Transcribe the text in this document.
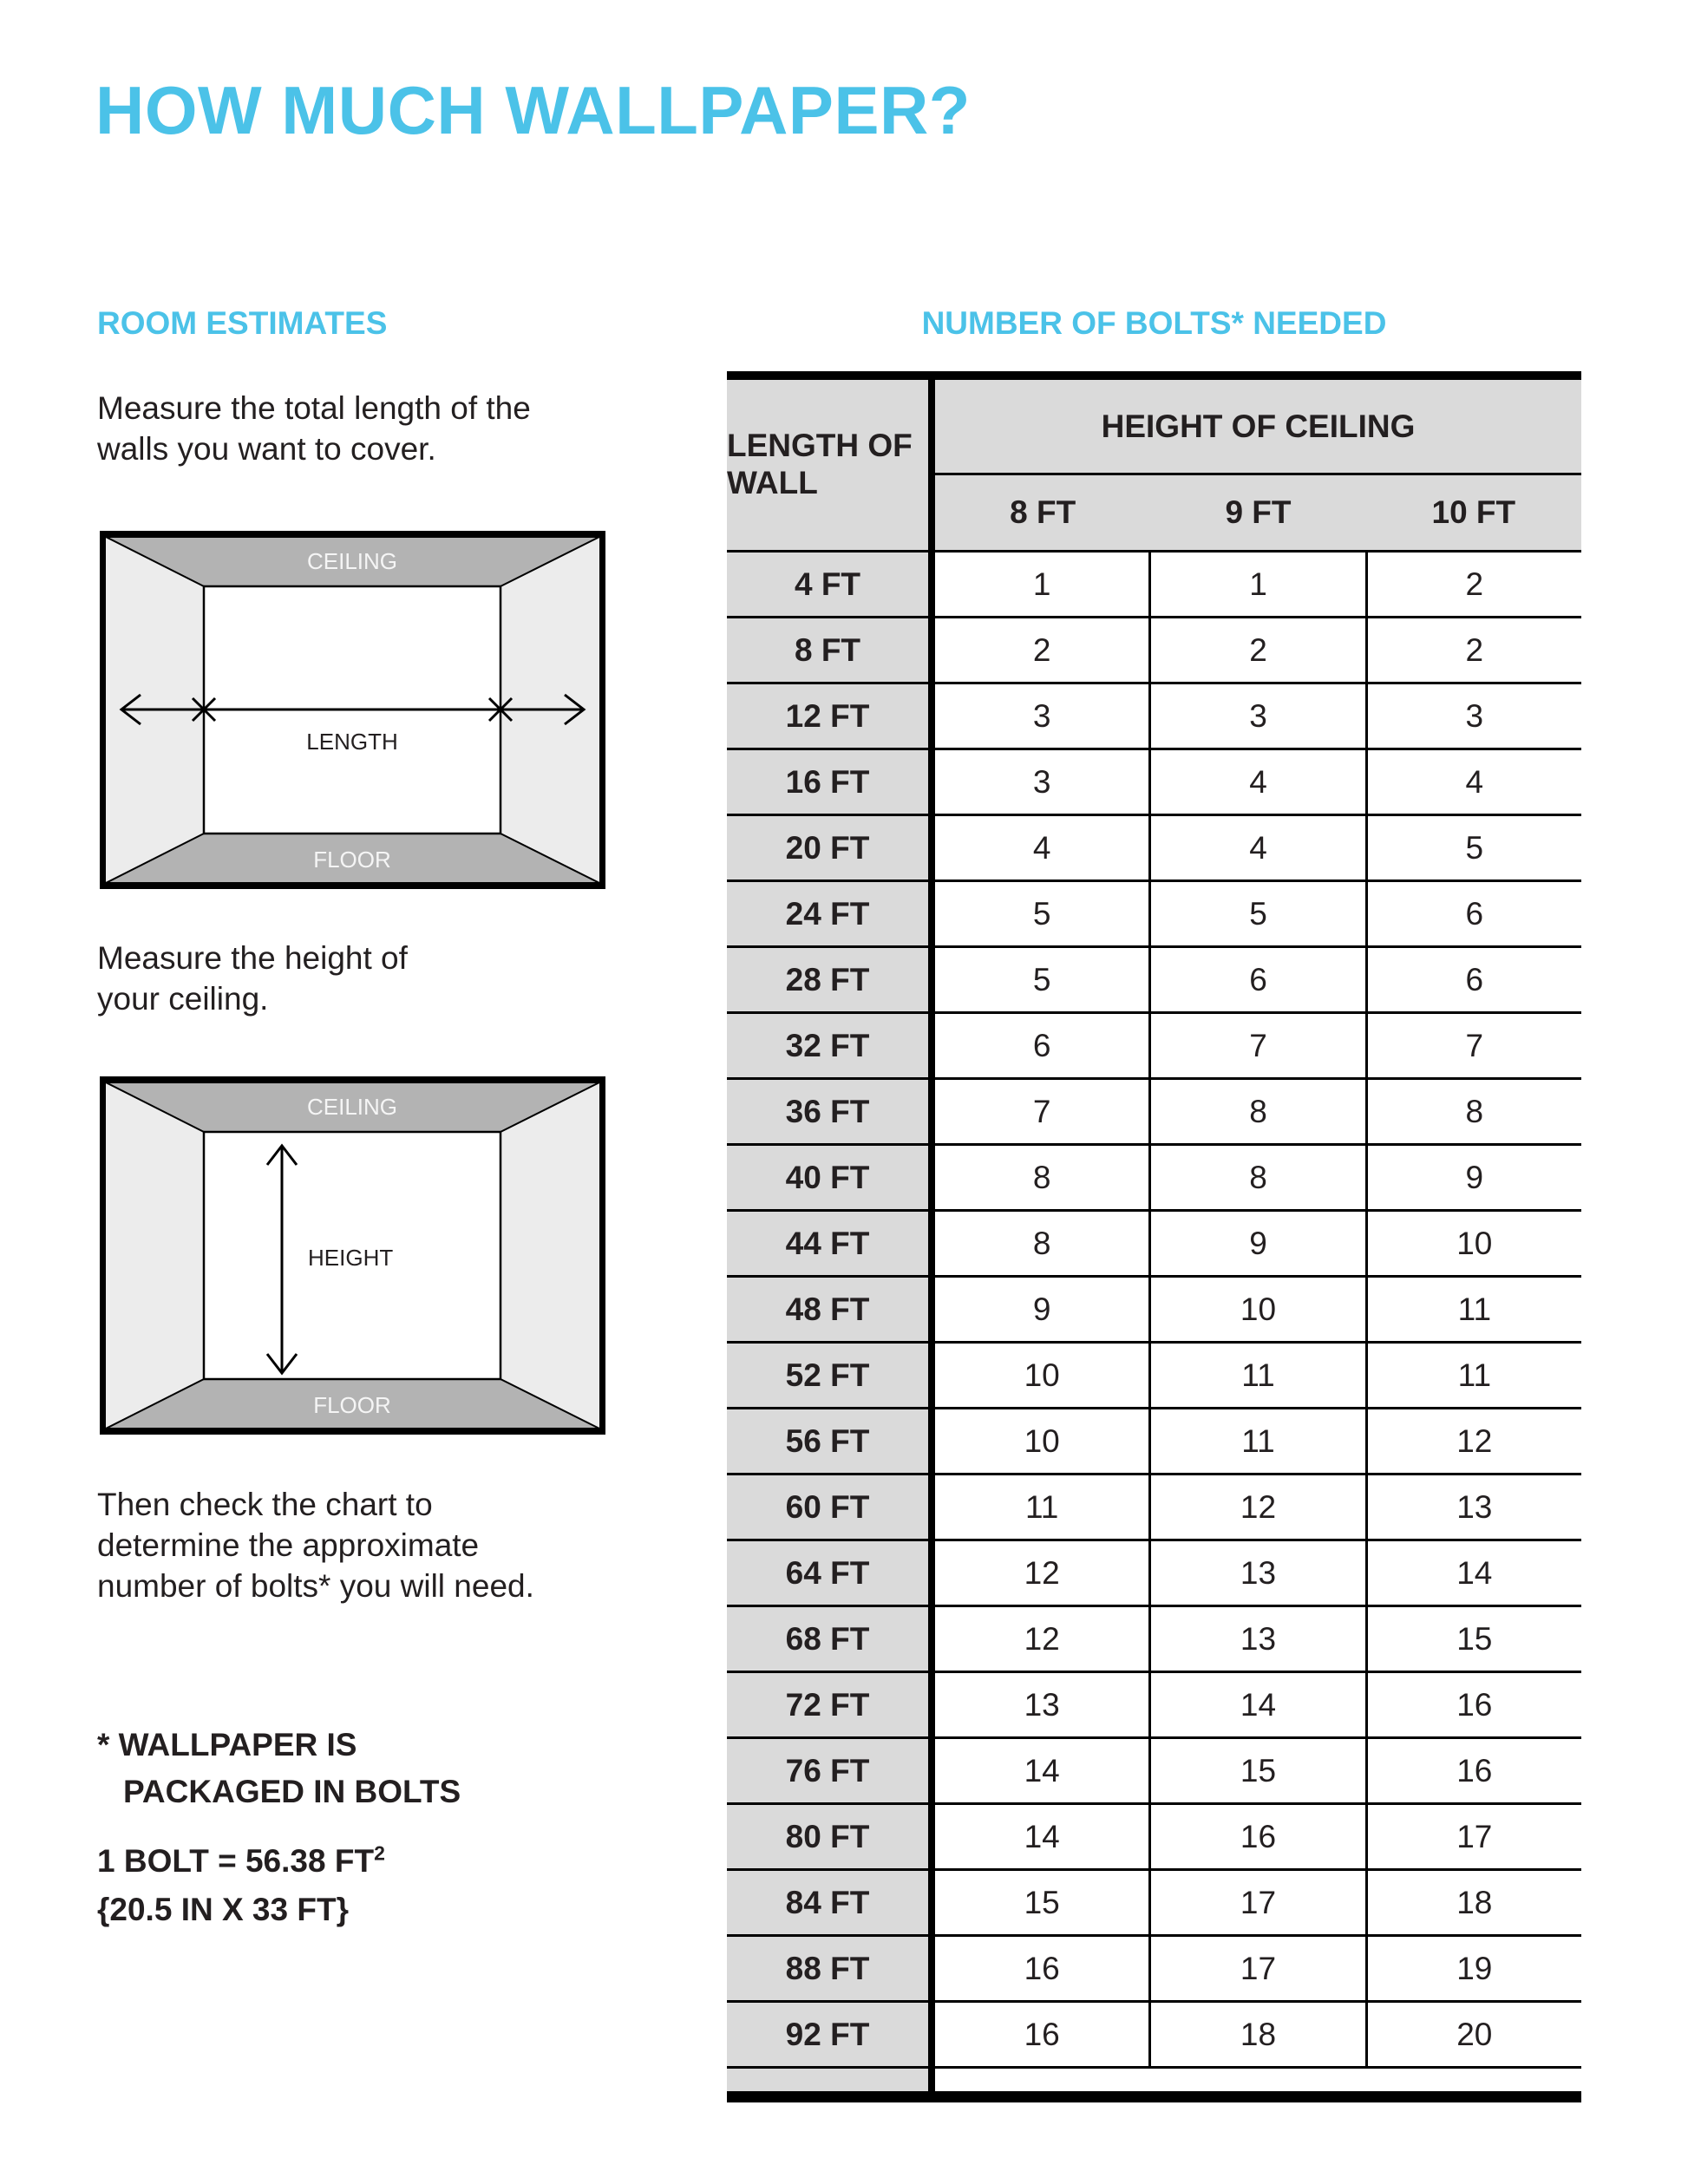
HOW MUCH WALLPAPER?
ROOM ESTIMATES
Measure the total length of the walls you want to cover.
CEILING
LENGTH
FLOOR
Measure the height of your ceiling.
CEILING
HEIGHT
FLOOR
Then check the chart to determine the approximate number of bolts* you will need.
* WALLPAPER IS
PACKAGED IN BOLTS
1 BOLT = 56.38 $FT^2$
{20.5 IN X 33 FT}
NUMBER OF BOLTS* NEEDED
LENGTH OF WALL
HEIGHT OF CEILING
8 FT	9 FT	10 FT
4 FT	1	1	2
8 FT	2	2	2
12 FT	3	3	3
16 FT	3	4	4
20 FT	4	4	5
24 FT	5	5	6
28 FT	5	6	6
32 FT	6	7	7
36 FT	7	8	8
40 FT	8	8	9
44 FT	8	9	10
48 FT	9	10	11
52 FT	10	11	11
56 FT	10	11	12
60 FT	11	12	13
64 FT	12	13	14
68 FT	12	13	15
72 FT	13	14	16
76 FT	14	15	16
80 FT	14	16	17
84 FT	15	17	18
88 FT	16	17	19
92 FT	16	18	20
